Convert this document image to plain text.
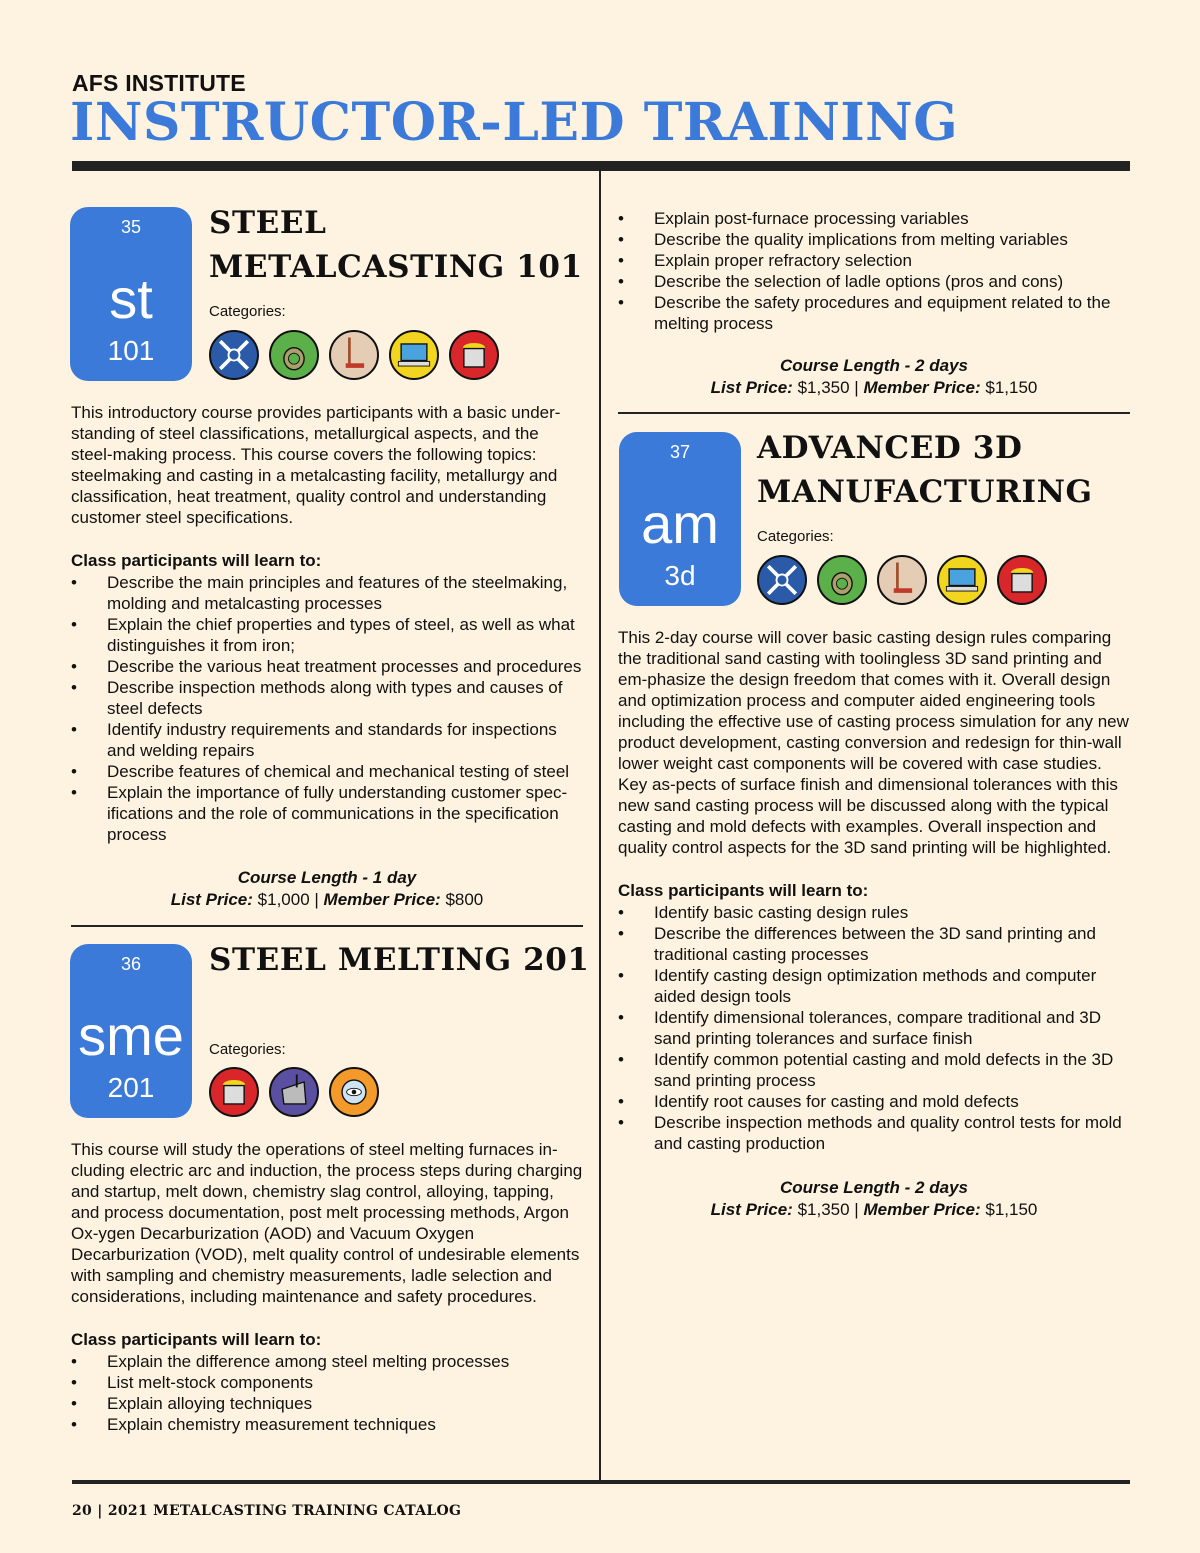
AFS INSTITUTE
INSTRUCTOR-LED TRAINING
35
st
101
STEEL
METALCASTING 101
Categories:
This introductory course provides participants with a basic under-standing of steel classifications, metallurgical aspects, and the steel-making process. This course covers the following topics: steelmaking and casting in a metalcasting facility, metallurgy and classification, heat treatment, quality control and understanding customer steel specifications.
Class participants will learn to:
• Describe the main principles and features of the steelmaking, molding and metalcasting processes
• Explain the chief properties and types of steel, as well as what distinguishes it from iron;
• Describe the various heat treatment processes and procedures
• Describe inspection methods along with types and causes of steel defects
• Identify industry requirements and standards for inspections and welding repairs
• Describe features of chemical and mechanical testing of steel
• Explain the importance of fully understanding customer spec-ifications and the role of communications in the specification process
Course Length - 1 day
List Price: $1,000 | Member Price: $800
36
sme
201
STEEL MELTING 201
Categories:
This course will study the operations of steel melting furnaces in-cluding electric arc and induction, the process steps during charging and startup, melt down, chemistry slag control, alloying, tapping, and process documentation, post melt processing methods, Argon Ox-ygen Decarburization (AOD) and Vacuum Oxygen Decarburization (VOD), melt quality control of undesirable elements with sampling and chemistry measurements, ladle selection and considerations, including maintenance and safety procedures.
Class participants will learn to:
• Explain the difference among steel melting processes
• List melt-stock components
• Explain alloying techniques
• Explain chemistry measurement techniques
• Explain post-furnace processing variables
• Describe the quality implications from melting variables
• Explain proper refractory selection
• Describe the selection of ladle options (pros and cons)
• Describe the safety procedures and equipment related to the melting process
Course Length - 2 days
List Price: $1,350 | Member Price: $1,150
37
am
3d
ADVANCED 3D
MANUFACTURING
Categories:
This 2-day course will cover basic casting design rules comparing the traditional sand casting with toolingless 3D sand printing and em-phasize the design freedom that comes with it. Overall design and optimization process and computer aided engineering tools including the effective use of casting process simulation for any new product development, casting conversion and redesign for thin-wall lower weight cast components will be covered with case studies. Key as-pects of surface finish and dimensional tolerances with this new sand casting process will be discussed along with the typical casting and mold defects with examples. Overall inspection and quality control aspects for the 3D sand printing will be highlighted.
Class participants will learn to:
• Identify basic casting design rules
• Describe the differences between the 3D sand printing and traditional casting processes
• Identify casting design optimization methods and computer aided design tools
• Identify dimensional tolerances, compare traditional and 3D sand printing tolerances and surface finish
• Identify common potential casting and mold defects in the 3D sand printing process
• Identify root causes for casting and mold defects
• Describe inspection methods and quality control tests for mold and casting production
Course Length - 2 days
List Price: $1,350 | Member Price: $1,150
20 | 2021 METALCASTING TRAINING CATALOG
